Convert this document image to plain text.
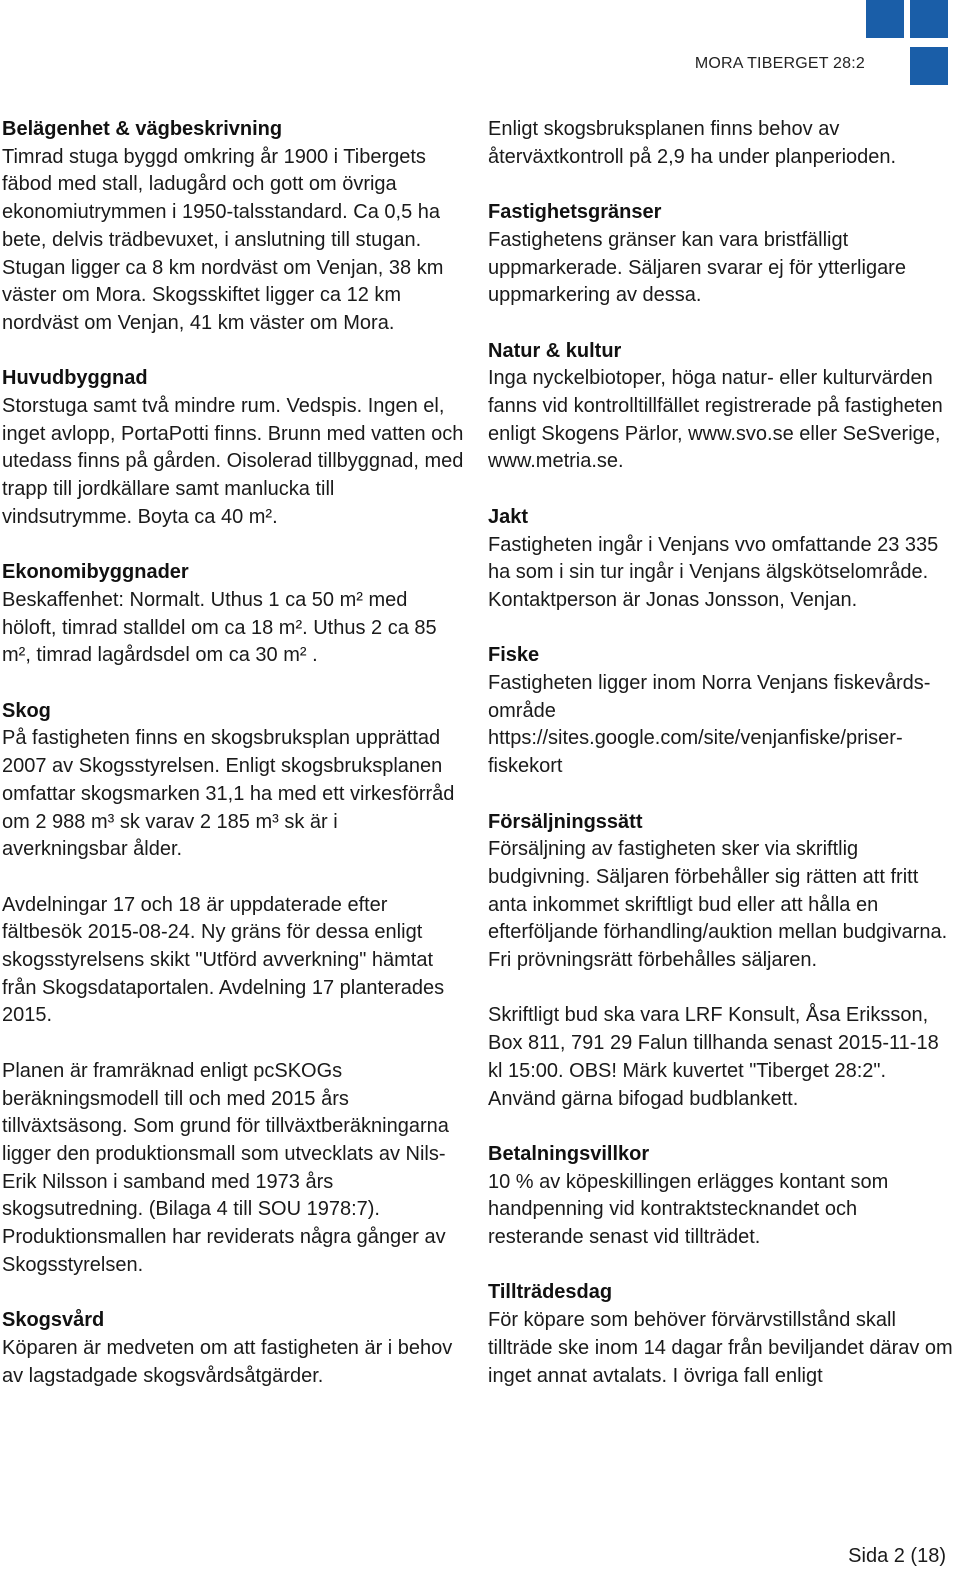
MORA TIBERGET 28:2
Belägenhet & vägbeskrivning

Timrad stuga byggd omkring år 1900 i Tibergets fäbod med stall, ladugård och gott om övriga ekonomiutrymmen i 1950-talsstandard. Ca 0,5 ha bete, delvis trädbevuxet, i anslutning till stugan. Stugan ligger ca 8 km nordväst om Venjan, 38 km väster om Mora. Skogsskiftet ligger ca 12 km nordväst om Venjan, 41 km väster om Mora.

Huvudbyggnad

Storstuga samt två mindre rum. Vedspis. Ingen el, inget avlopp, PortaPotti finns. Brunn med vatten och utedass finns på gården. Oisolerad tillbyggnad, med trapp till jordkällare samt manlucka till vindsutrymme. Boyta ca 40 m².

Ekonomibyggnader

Beskaffenhet: Normalt. Uthus 1 ca 50 m² med höloft, timrad stalldel om ca 18 m². Uthus 2 ca 85 m², timrad lagårdsdel om ca 30 m² .

Skog

På fastigheten finns en skogsbruksplan upprättad 2007 av Skogsstyrelsen. Enligt skogsbruksplanen omfattar skogsmarken 31,1 ha med ett virkesförråd om 2 988 m³ sk varav 2 185 m³ sk är i averkningsbar ålder.

Avdelningar 17 och 18 är uppdaterade efter fältbesök 2015-08-24. Ny gräns för dessa enligt skogsstyrelsens skikt "Utförd avverkning" hämtat från Skogsdataportalen. Avdelning 17 planterades 2015.

Planen är framräknad enligt pcSKOGs beräkningsmodell till och med 2015 års tillväxtsäsong. Som grund för tillväxtberäkningarna ligger den produktionsmall som utvecklats av Nils-Erik Nilsson i samband med 1973 års skogsutredning. (Bilaga 4 till SOU 1978:7). Produktionsmallen har reviderats några gånger av Skogsstyrelsen.

Skogsvård

Köparen är medveten om att fastigheten är i behov av lagstadgade skogsvårdsåtgärder.

Enligt skogsbruksplanen finns behov av återväxtkontroll på 2,9 ha under planperioden.

Fastighetsgränser

Fastighetens gränser kan vara bristfälligt uppmarkerade. Säljaren svarar ej för ytterligare uppmarkering av dessa.

Natur & kultur

Inga nyckelbiotoper, höga natur- eller kulturvärden fanns vid kontrolltillfället registrerade på fastigheten enligt Skogens Pärlor, www.svo.se eller SeSverige, www.metria.se.

Jakt

Fastigheten ingår i Venjans vvo omfattande 23 335 ha som i sin tur ingår i Venjans älgskötselområde. Kontaktperson är Jonas Jonsson, Venjan.

Fiske

Fastigheten ligger inom Norra Venjans fiskevårds-område https://sites.google.com/site/venjanfiske/priser-fiskekort

Försäljningssätt

Försäljning av fastigheten sker via skriftlig budgivning. Säljaren förbehåller sig rätten att fritt anta inkommet skriftligt bud eller att hålla en efterföljande förhandling/auktion mellan budgivarna. Fri prövningsrätt förbehålles säljaren.

Skriftligt bud ska vara LRF Konsult, Åsa Eriksson, Box 811, 791 29 Falun tillhanda senast 2015-11-18 kl 15:00. OBS! Märk kuvertet "Tiberget 28:2". Använd gärna bifogad budblankett.

Betalningsvillkor

10 % av köpeskillingen erlägges kontant som handpenning vid kontraktstecknandet och resterande senast vid tillträdet.

Tillträdesdag

För köpare som behöver förvärvstillstånd skall tillträde ske inom 14 dagar från beviljandet därav om inget annat avtalats. I övriga fall enligt

Sida 2 (18)
